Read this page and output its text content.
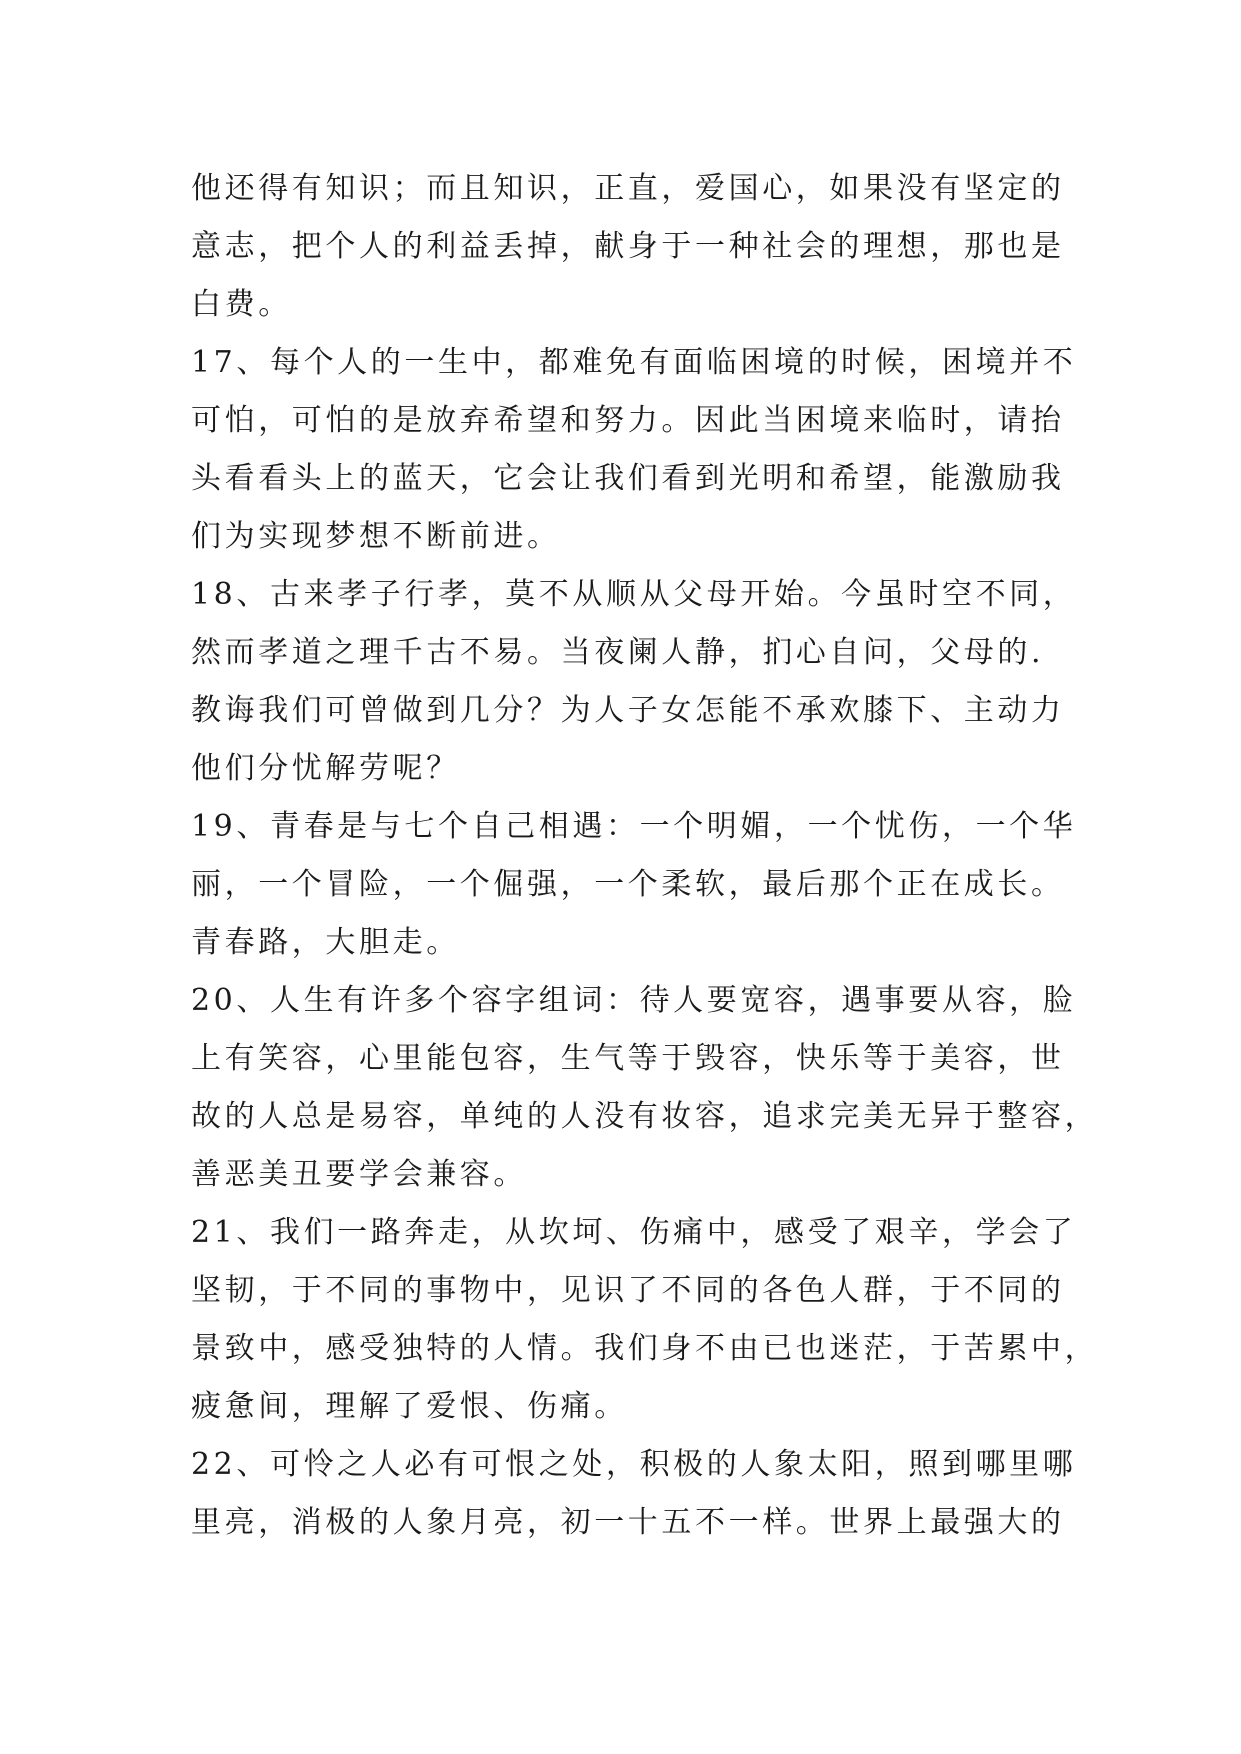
他还得有知识；而且知识，正直，爱国心，如果没有坚定的
意志，把个人的利益丢掉，献身于一种社会的理想，那也是
白费。
17、每个人的一生中，都难免有面临困境的时候，困境并不
可怕，可怕的是放弃希望和努力。因此当困境来临时，请抬
头看看头上的蓝天，它会让我们看到光明和希望，能激励我
们为实现梦想不断前进。
18、古来孝子行孝，莫不从顺从父母开始。今虽时空不同，
然而孝道之理千古不易。当夜阑人静，扪心自问，父母的.
教诲我们可曾做到几分？为人子女怎能不承欢膝下、主动力
他们分忧解劳呢？
19、青春是与七个自己相遇：一个明媚，一个忧伤，一个华
丽，一个冒险，一个倔强，一个柔软，最后那个正在成长。
青春路，大胆走。
20、人生有许多个容字组词：待人要宽容，遇事要从容，脸
上有笑容，心里能包容，生气等于毁容，快乐等于美容，世
故的人总是易容，单纯的人没有妆容，追求完美无异于整容，
善恶美丑要学会兼容。
21、我们一路奔走，从坎坷、伤痛中，感受了艰辛，学会了
坚韧，于不同的事物中，见识了不同的各色人群，于不同的
景致中，感受独特的人情。我们身不由已也迷茫，于苦累中，
疲惫间，理解了爱恨、伤痛。
22、可怜之人必有可恨之处，积极的人象太阳，照到哪里哪
里亮，消极的人象月亮，初一十五不一样。世界上最强大的
